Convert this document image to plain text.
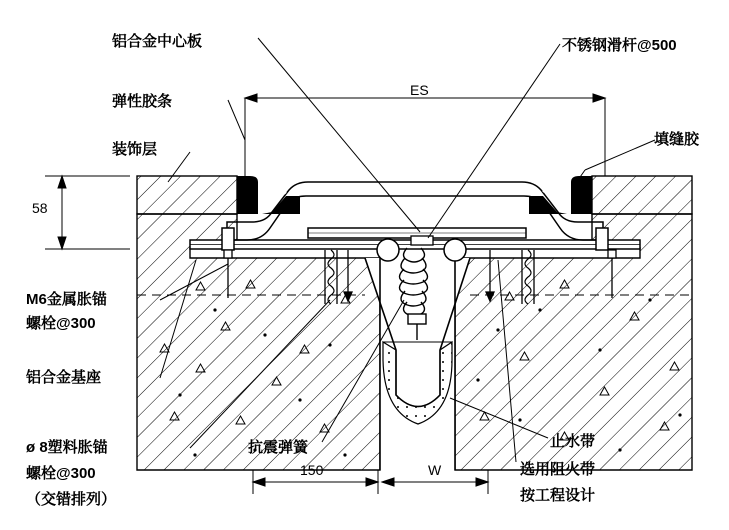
铝合金中心板	不锈钢滑杆@500
弹性胶条
填缝胶
装饰层
M6金属胀锚
螺栓@300
铝合金基座
ø 8塑料胀锚
螺栓@300
（交错排列）
抗震弹簧	止水带
选用阻火带
按工程设计
ES
58
150	W
